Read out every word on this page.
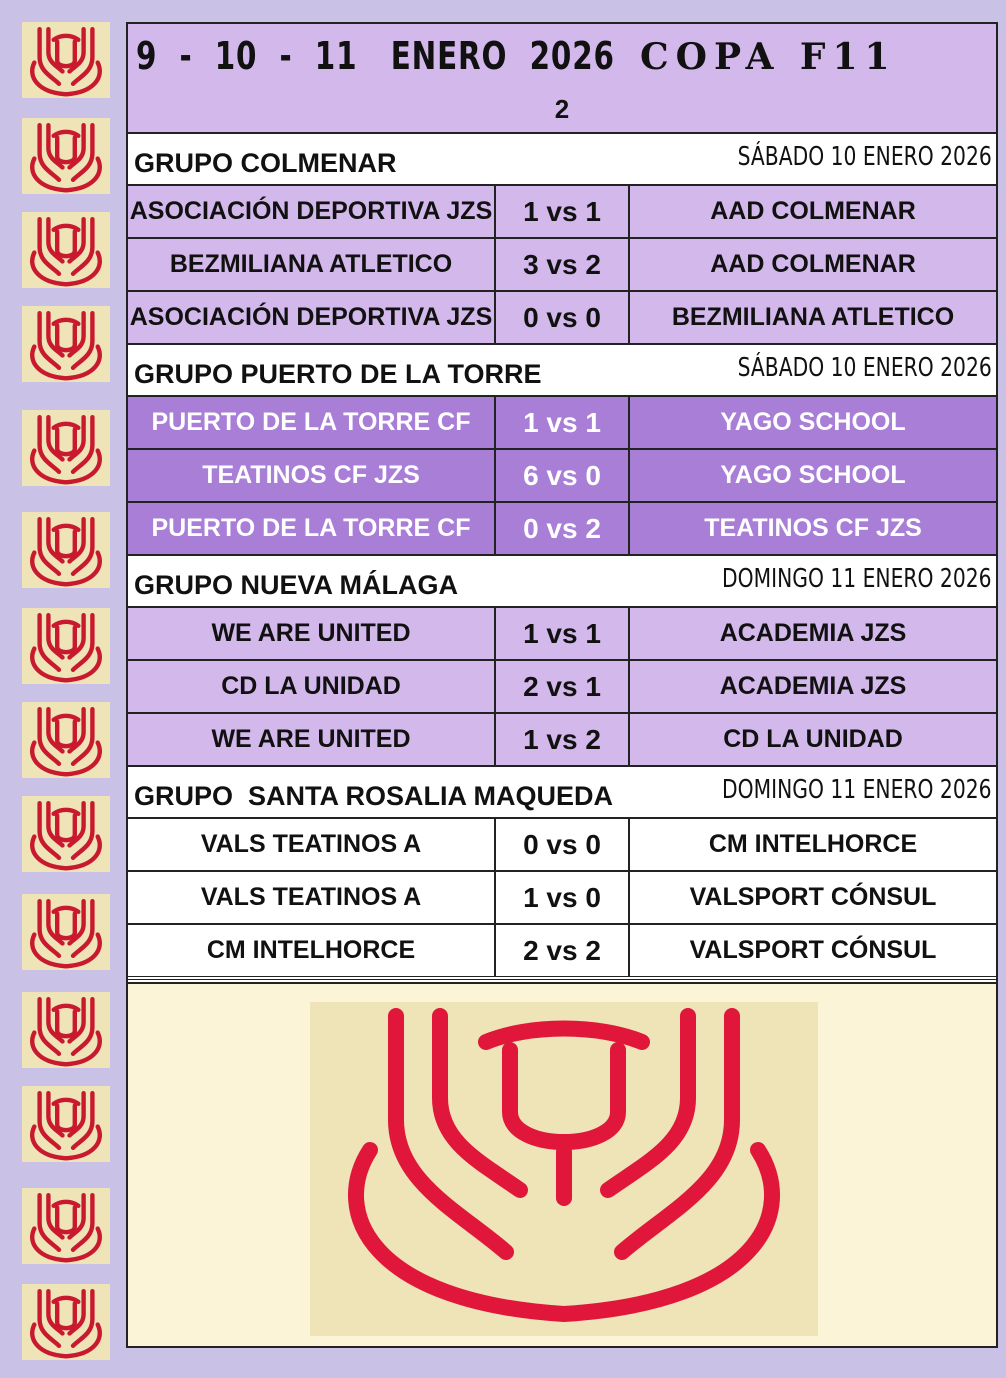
9  -  10  -  11   ENERO  2026 COPA F11
2
GRUPO COLMENAR	SÁBADO 10 ENERO 2026
ASOCIACIÓN DEPORTIVA JZS	1 vs 1	AAD COLMENAR
BEZMILIANA ATLETICO	3 vs 2	AAD COLMENAR
ASOCIACIÓN DEPORTIVA JZS	0 vs 0	BEZMILIANA ATLETICO
GRUPO PUERTO DE LA TORRE	SÁBADO 10 ENERO 2026
PUERTO DE LA TORRE CF	1 vs 1	YAGO SCHOOL
TEATINOS CF JZS	6 vs 0	YAGO SCHOOL
PUERTO DE LA TORRE CF	0 vs 2	TEATINOS CF JZS
GRUPO NUEVA MÁLAGA	DOMINGO 11 ENERO 2026
WE ARE UNITED	1 vs 1	ACADEMIA JZS
CD LA UNIDAD	2 vs 1	ACADEMIA JZS
WE ARE UNITED	1 vs 2	CD LA UNIDAD
GRUPO  SANTA ROSALIA MAQUEDA	DOMINGO 11 ENERO 2026
VALS TEATINOS A	0 vs 0	CM INTELHORCE
VALS TEATINOS A	1 vs 0	VALSPORT CÓNSUL
CM INTELHORCE	2 vs 2	VALSPORT CÓNSUL
